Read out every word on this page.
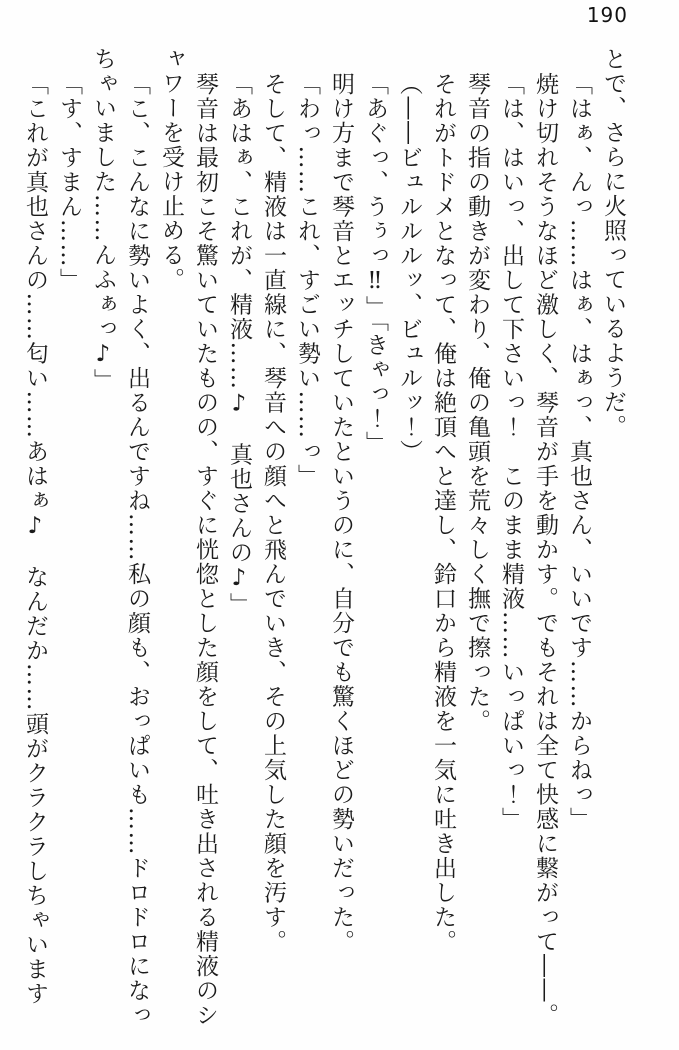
190

とで、さらに火照っているようだ。

「はぁ、んっ……はぁ、はぁっ、真也さん、いいです……からねっ」

焼け切れそうなほど激しく、琴音が手を動かす。でもそれは全て快感に繋がって――。

「は、はいっ、出して下さいっ！　このまま精液……いっぱいっ！」

琴音の指の動きが変わり、俺の亀頭を荒々しく撫で擦った。

それがトドメとなって、俺は絶頂へと達し、鈴口から精液を一気に吐き出した。

（――ビュルルルッ、ビュルッ！）

「あぐっ、うぅっ‼」「きゃっ！」

明け方まで琴音とエッチしていたというのに、自分でも驚くほどの勢いだった。

「わっ……これ、すごい勢い……っ」

そして、精液は一直線に、琴音への顔へと飛んでいき、その上気した顔を汚す。

「あはぁ、これが、精液……♪　真也さんの♪」

琴音は最初こそ驚いていたものの、すぐに恍惚とした顔をして、吐き出される精液のシャワーを受け止める。

「こ、こんなに勢いよく、出るんですね……私の顔も、おっぱいも……ドロドロになっちゃいました……んふぁっ♪」

「す、すまん……」

「これが真也さんの……匂い……あはぁ♪　なんだか……頭がクラクラしちゃいます
